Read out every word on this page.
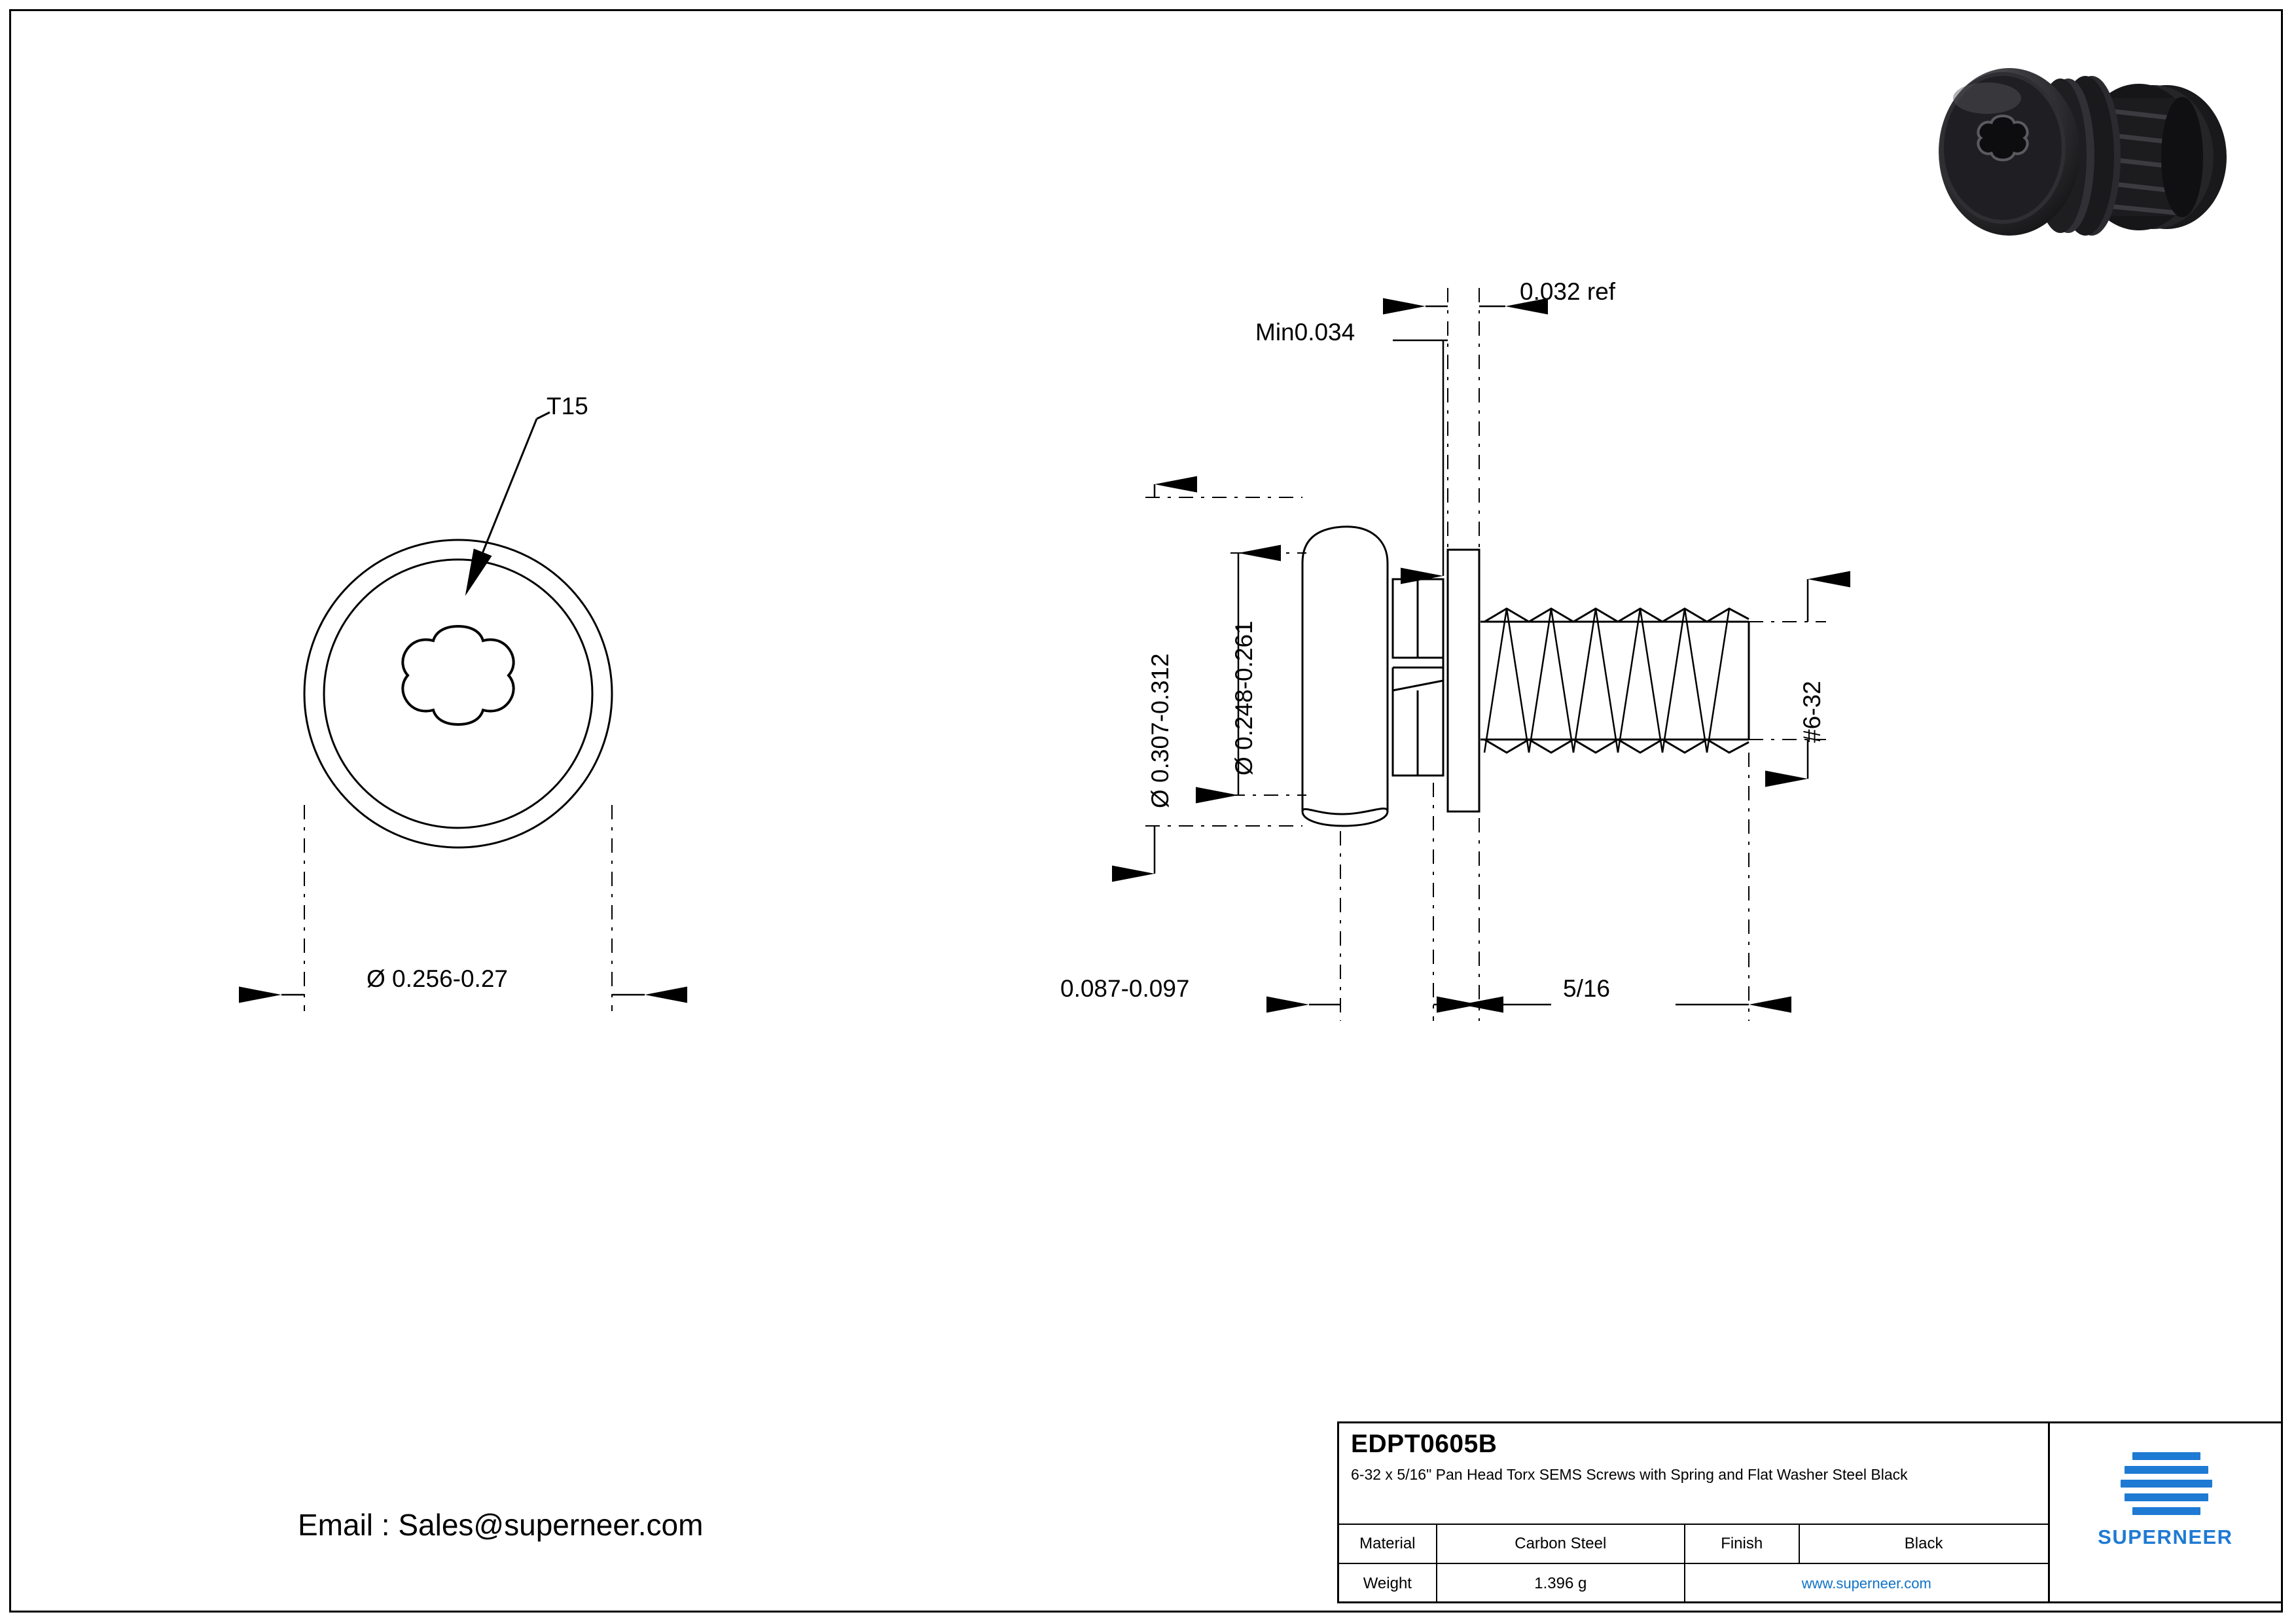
T15
Ø 0.256-0.27
0.032 ref
Min0.034
Ø 0.307-0.312 Ø 0.248-0.261	#6-32
0.087-0.097	5/16
Email : Sales@superneer.com
EDPT0605B
6-32 x 5/16" Pan Head Torx SEMS Screws with Spring and Flat Washer Steel Black
Material	Carbon Steel	Finish	Black
Weight	1.396 g	www.superneer.com
SUPERNEER
